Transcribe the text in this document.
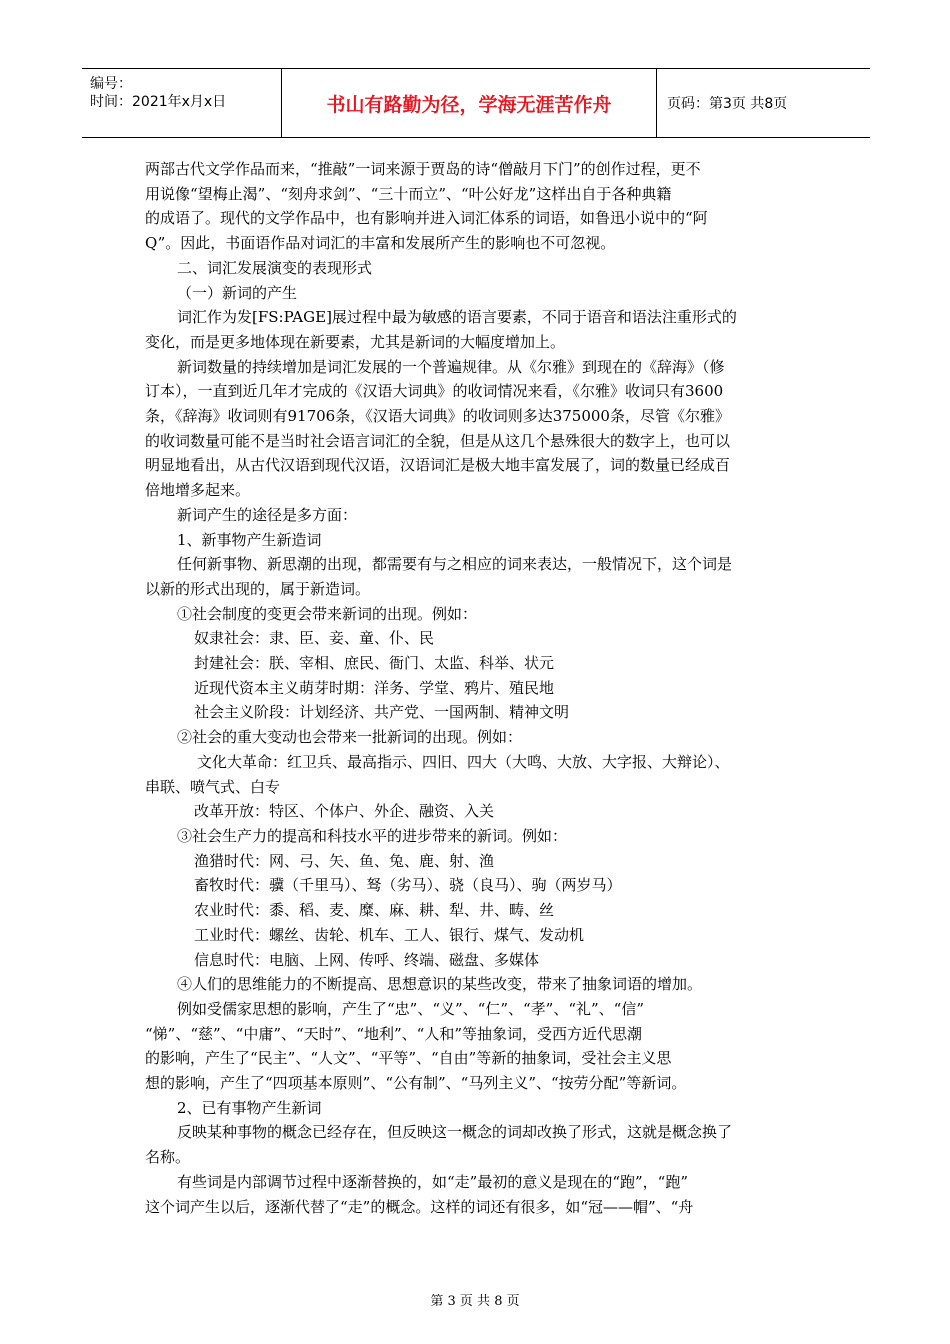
编号：
时间：2021年x月x日	书山有路勤为径，学海无涯苦作舟	页码：第3页 共8页

两部古代文学作品而来，“推敲”一词来源于贾岛的诗“僧敲月下门”的创作过程，更不

用说像“望梅止渴”、“刻舟求剑”、“三十而立”、“叶公好龙”这样出自于各种典籍

的成语了。现代的文学作品中，也有影响并进入词汇体系的词语，如鲁迅小说中的“阿

Q”。因此，书面语作品对词汇的丰富和发展所产生的影响也不可忽视。

二、词汇发展演变的表现形式

（一）新词的产生

词汇作为发[FS:PAGE]展过程中最为敏感的语言要素，不同于语音和语法注重形式的

变化，而是更多地体现在新要素，尤其是新词的大幅度增加上。

新词数量的持续增加是词汇发展的一个普遍规律。从《尔雅》到现在的《辞海》（修

订本），一直到近几年才完成的《汉语大词典》的收词情况来看，《尔雅》收词只有3600

条，《辞海》收词则有91706条，《汉语大词典》的收词则多达375000条，尽管《尔雅》

的收词数量可能不是当时社会语言词汇的全貌，但是从这几个悬殊很大的数字上，也可以

明显地看出，从古代汉语到现代汉语，汉语词汇是极大地丰富发展了，词的数量已经成百

倍地增多起来。

新词产生的途径是多方面：

1、新事物产生新造词

任何新事物、新思潮的出现，都需要有与之相应的词来表达，一般情况下，这个词是

以新的形式出现的，属于新造词。

①社会制度的变更会带来新词的出现。例如：

奴隶社会：隶、臣、妾、童、仆、民

封建社会：朕、宰相、庶民、衙门、太监、科举、状元

近现代资本主义萌芽时期：洋务、学堂、鸦片、殖民地

社会主义阶段：计划经济、共产党、一国两制、精神文明

②社会的重大变动也会带来一批新词的出现。例如：

文化大革命：红卫兵、最高指示、四旧、四大（大鸣、大放、大字报、大辩论）、

串联、喷气式、白专

改革开放：特区、个体户、外企、融资、入关

③社会生产力的提高和科技水平的进步带来的新词。例如：

渔猎时代：网、弓、矢、鱼、兔、鹿、射、渔

畜牧时代：骥（千里马）、驽（劣马）、骁（良马）、驹（两岁马）

农业时代：黍、稻、麦、糜、麻、耕、犁、井、畴、丝

工业时代：螺丝、齿轮、机车、工人、银行、煤气、发动机

信息时代：电脑、上网、传呼、终端、磁盘、多媒体

④人们的思维能力的不断提高、思想意识的某些改变，带来了抽象词语的增加。

例如受儒家思想的影响，产生了“忠”、“义”、“仁”、“孝”、“礼”、“信”

“悌”、“慈”、“中庸”、“天时”、“地利”、“人和”等抽象词，受西方近代思潮

的影响，产生了“民主”、“人文”、“平等”、“自由”等新的抽象词，受社会主义思

想的影响，产生了“四项基本原则”、“公有制”、“马列主义”、“按劳分配”等新词。

2、已有事物产生新词

反映某种事物的概念已经存在，但反映这一概念的词却改换了形式，这就是概念换了

名称。

有些词是内部调节过程中逐渐替换的，如“走”最初的意义是现在的“跑”，“跑”

这个词产生以后，逐渐代替了“走”的概念。这样的词还有很多，如“冠——帽”、“舟

第 3 页 共 8 页
